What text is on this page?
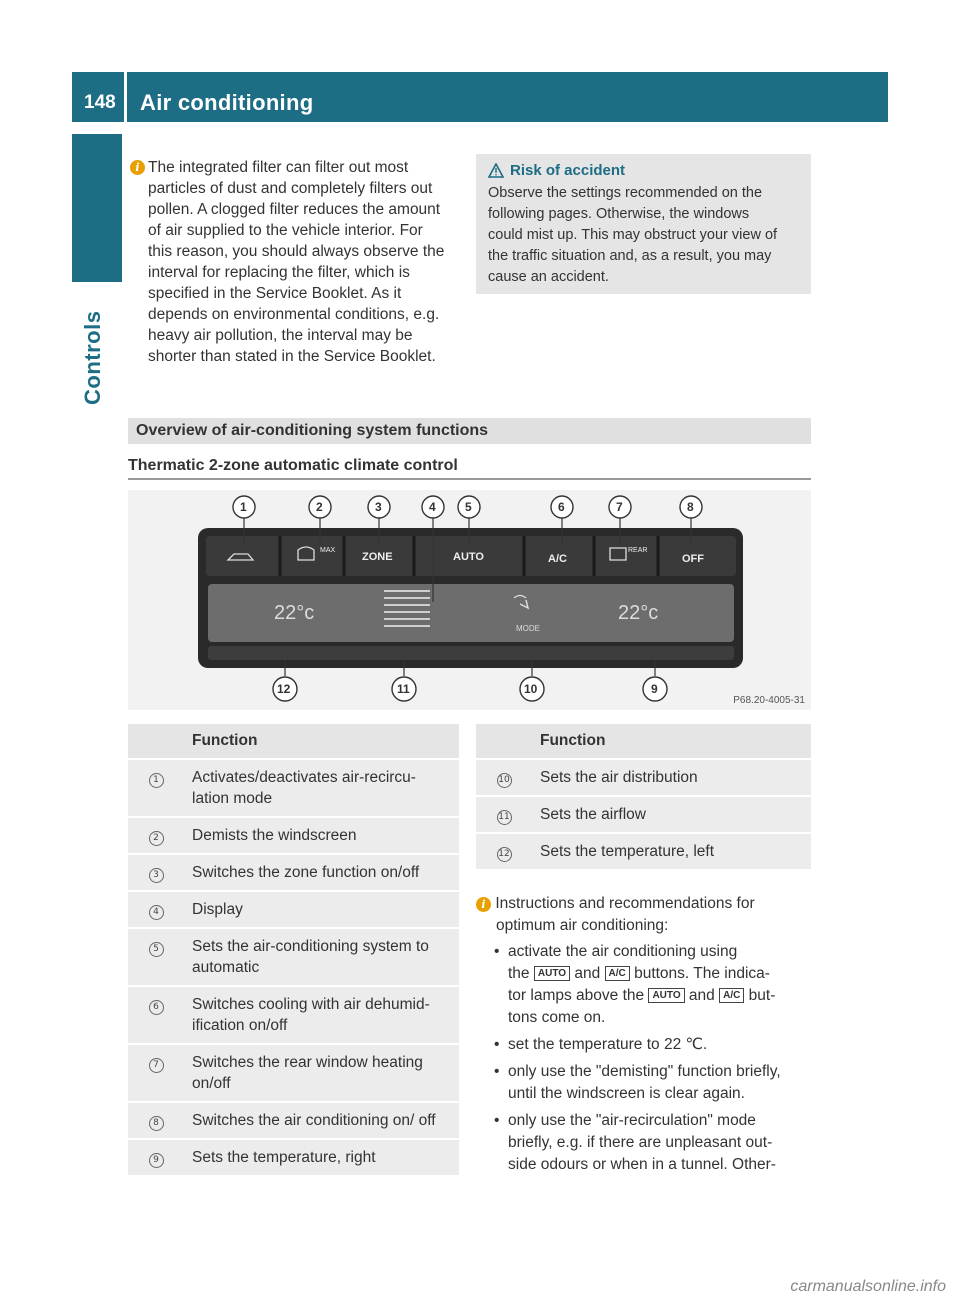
148 Air conditioning
Controls
i The integrated filter can filter out most
particles of dust and completely filters out
pollen. A clogged filter reduces the amount
of air supplied to the vehicle interior. For
this reason, you should always observe the
interval for replacing the filter, which is
specified in the Service Booklet. As it
depends on environmental conditions, e.g.
heavy air pollution, the interval may be
shorter than stated in the Service Booklet.
Risk of accident
Observe the settings recommended on the
following pages. Otherwise, the windows
could mist up. This may obstruct your view of
the traffic situation and, as a result, you may
cause an accident.
Overview of air-conditioning system functions
Thermatic 2-zone automatic climate control
ZONE	AUTO	A/C	OFF
MAX	REAR
22°c	22°c
MODE
1	2	3	4 5	6	7	8
12	11	10	9
P68.20-4005-31
	Function
1	Activates/deactivates air-recircu-lation mode
2	Demists the windscreen
3	Switches the zone function on/off
4	Display
5	Sets the air-conditioning system to automatic
6	Switches cooling with air dehumid-ification on/off
7	Switches the rear window heating on/off
8	Switches the air conditioning on/ off
9	Sets the temperature, right
	Function
10	Sets the air distribution
11	Sets the airflow
12	Sets the temperature, left
i Instructions and recommendations for
optimum air conditioning:
• activate the air conditioning using
the AUTO and A/C buttons. The indica-
tor lamps above the AUTO and A/C but-
tons come on.
• set the temperature to 22 ℃.
• only use the "demisting" function briefly,
until the windscreen is clear again.
• only use the "air-recirculation" mode
briefly, e.g. if there are unpleasant out-
side odours or when in a tunnel. Other-
carmanualsonline.info
